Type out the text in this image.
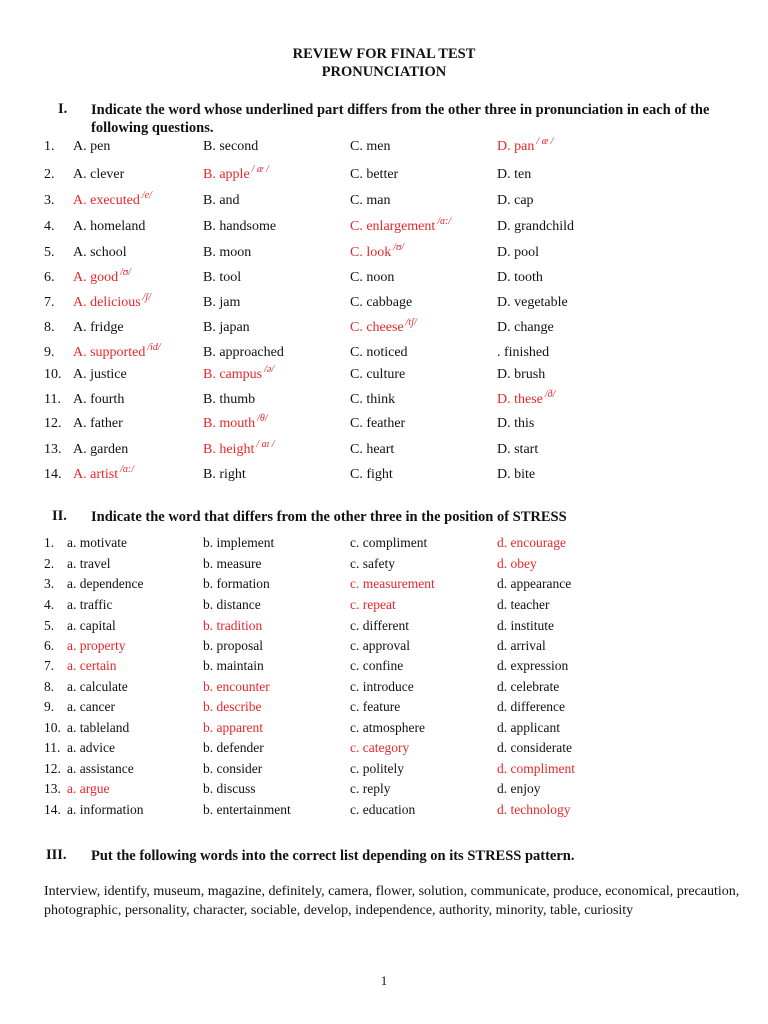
REVIEW FOR FINAL TEST
PRONUNCIATION
I. Indicate the word whose underlined part differs from the other three in pronunciation in each of the following questions.
1. A. pen	B. second	C. men	D. pan $^{/ æ /}$
2. A. clever	B. apple $^{/ æ /}$	C. better	D. ten
3. A. executed $^{/e/}$	B. and	C. man	D. cap
4. A. homeland	B. handsome	C. enlargement $^{/ɑ:/}$	D. grandchild
5. A. school	B. moon	C. look $^{/ʊ/}$	D. pool
6. A. good $^{/ʊ/}$	B. tool	C. noon	D. tooth
7. A. delicious $^{/ʃ/}$	B. jam	C. cabbage	D. vegetable
8. A. fridge	B. japan	C. cheese $^{/tʃ/}$	D. change
9. A. supported $^{/id/}$	B. approached	C. noticed	. finished
10. A. justice	B. campus $^{/ə/}$	C. culture	D. brush
11. A. fourth	B. thumb	C. think	D. these $^{/ð/}$
12. A. father	B. mouth $^{/\theta/}$	C. feather	D. this
13. A. garden	B. height $^{/ aɪ /}$	C. heart	D. start
14. A. artist $^{/ɑ:/}$	B. right	C. fight	D. bite
II. Indicate the word that differs from the other three in the position of STRESS
1. a. motivate	b. implement	c. compliment	d. encourage
2. a. travel	b. measure	c. safety	d. obey
3. a. dependence	b. formation	c. measurement	d. appearance
4. a. traffic	b. distance	c. repeat	d. teacher
5. a. capital	b. tradition	c. different	d. institute
6. a. property	b. proposal	c. approval	d. arrival
7. a. certain	b. maintain	c. confine	d. expression
8. a. calculate	b. encounter	c. introduce	d. celebrate
9. a. cancer	b. describe	c. feature	d. difference
10. a. tableland	b. apparent	c. atmosphere	d. applicant
11. a. advice	b. defender	c. category	d. considerate
12. a. assistance	b. consider	c. politely	d. compliment
13. a. argue	b. discuss	c. reply	d. enjoy
14. a. information	b. entertainment	c. education	d. technology
III. Put the following words into the correct list depending on its STRESS pattern.
Interview, identify, museum, magazine, definitely, camera, flower, solution, communicate, produce, economical, precaution, photographic, personality, character, sociable, develop, independence, authority, minority, table, curiosity
1
